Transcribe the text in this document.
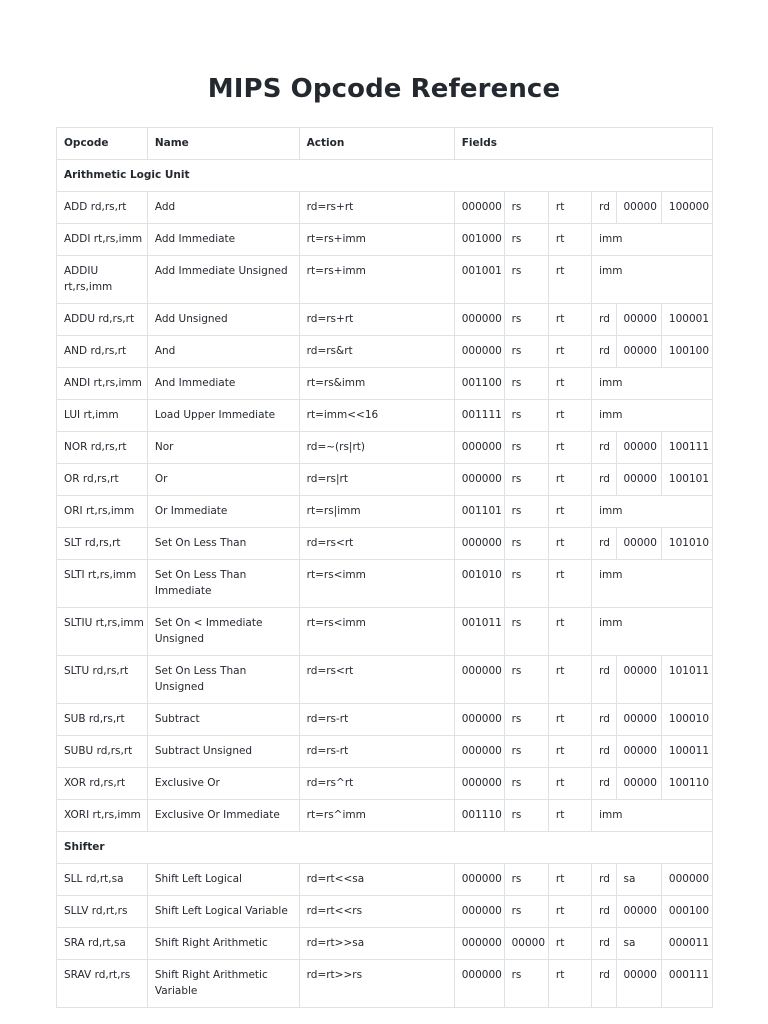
MIPS Opcode Reference
Opcode	Name	Action	Fields					
Arithmetic Logic Unit								
ADD rd,rs,rt	Add	rd=rs+rt	000000	rs	rt	rd	00000	100000
ADDI rt,rs,imm	Add Immediate	rt=rs+imm	001000	rs	rt	imm		
ADDIU rt,rs,imm	Add Immediate Unsigned	rt=rs+imm	001001	rs	rt	imm		
ADDU rd,rs,rt	Add Unsigned	rd=rs+rt	000000	rs	rt	rd	00000	100001
AND rd,rs,rt	And	rd=rs&rt	000000	rs	rt	rd	00000	100100
ANDI rt,rs,imm	And Immediate	rt=rs&imm	001100	rs	rt	imm		
LUI rt,imm	Load Upper Immediate	rt=imm<<16	001111	rs	rt	imm		
NOR rd,rs,rt	Nor	rd=~(rs|rt)	000000	rs	rt	rd	00000	100111
OR rd,rs,rt	Or	rd=rs|rt	000000	rs	rt	rd	00000	100101
ORI rt,rs,imm	Or Immediate	rt=rs|imm	001101	rs	rt	imm		
SLT rd,rs,rt	Set On Less Than	rd=rs<rt	000000	rs	rt	rd	00000	101010
SLTI rt,rs,imm	Set On Less Than Immediate	rt=rs<imm	001010	rs	rt	imm		
SLTIU rt,rs,imm	Set On < Immediate Unsigned	rt=rs<imm	001011	rs	rt	imm		
SLTU rd,rs,rt	Set On Less Than Unsigned	rd=rs<rt	000000	rs	rt	rd	00000	101011
SUB rd,rs,rt	Subtract	rd=rs-rt	000000	rs	rt	rd	00000	100010
SUBU rd,rs,rt	Subtract Unsigned	rd=rs-rt	000000	rs	rt	rd	00000	100011
XOR rd,rs,rt	Exclusive Or	rd=rs^rt	000000	rs	rt	rd	00000	100110
XORI rt,rs,imm	Exclusive Or Immediate	rt=rs^imm	001110	rs	rt	imm		
Shifter								
SLL rd,rt,sa	Shift Left Logical	rd=rt<<sa	000000	rs	rt	rd	sa	000000
SLLV rd,rt,rs	Shift Left Logical Variable	rd=rt<<rs	000000	rs	rt	rd	00000	000100
SRA rd,rt,sa	Shift Right Arithmetic	rd=rt>>sa	000000	00000	rt	rd	sa	000011
SRAV rd,rt,rs	Shift Right Arithmetic Variable	rd=rt>>rs	000000	rs	rt	rd	00000	000111
